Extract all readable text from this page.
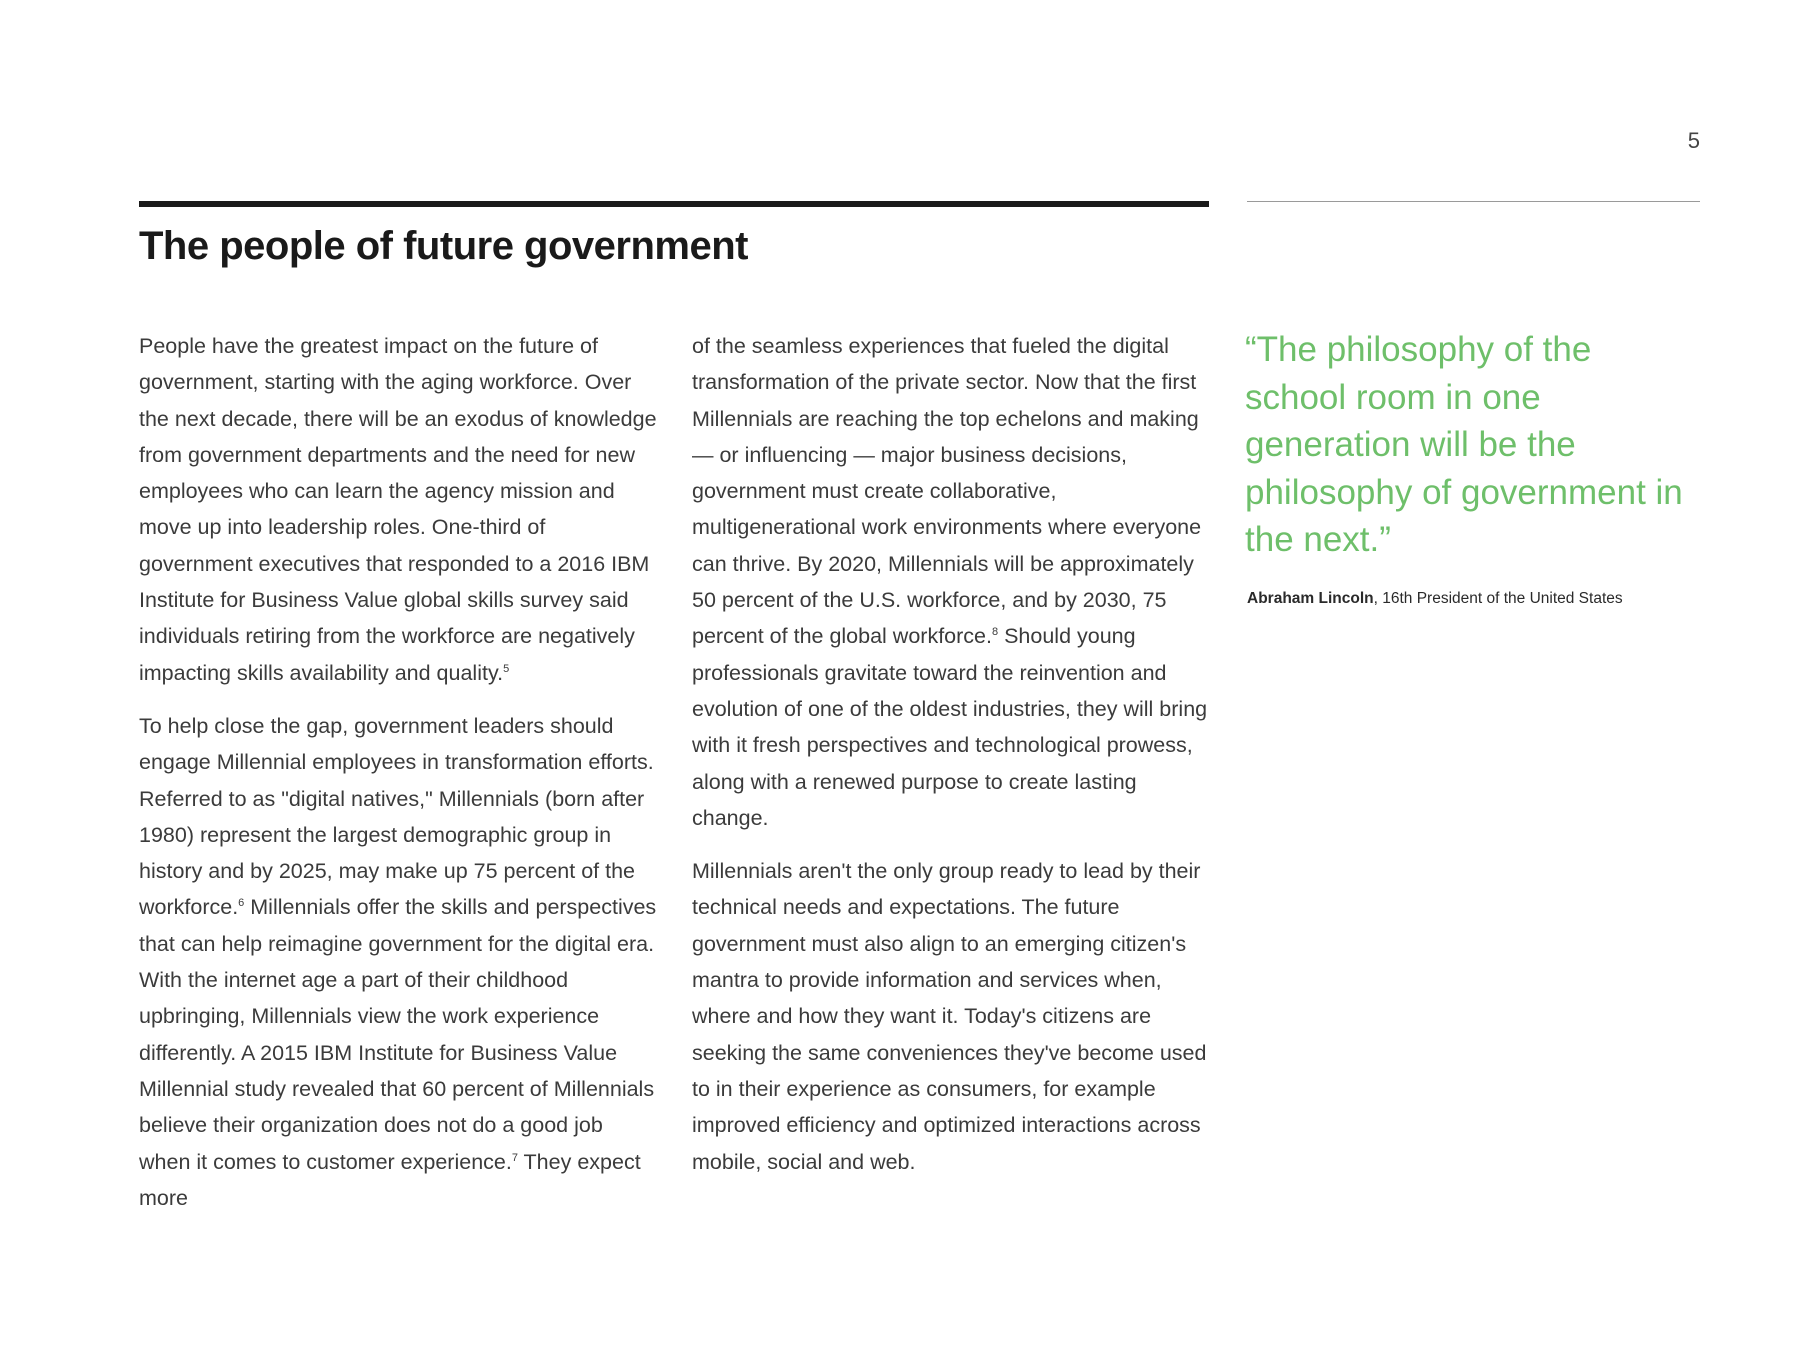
5
The people of future government

People have the greatest impact on the future of government, starting with the aging workforce. Over the next decade, there will be an exodus of knowledge from government departments and the need for new employees who can learn the agency mission and move up into leadership roles. One-third of government executives that responded to a 2016 IBM Institute for Business Value global skills survey said individuals retiring from the workforce are negatively impacting skills availability and quality.$^5$

To help close the gap, government leaders should engage Millennial employees in transformation efforts. Referred to as "digital natives," Millennials (born after 1980) represent the largest demographic group in history and by 2025, may make up 75 percent of the workforce.$^6$ Millennials offer the skills and perspectives that can help reimagine government for the digital era. With the internet age a part of their childhood upbringing, Millennials view the work experience differently. A 2015 IBM Institute for Business Value Millennial study revealed that 60 percent of Millennials believe their organization does not do a good job when it comes to customer experience.$^7$ They expect more

of the seamless experiences that fueled the digital transformation of the private sector. Now that the first Millennials are reaching the top echelons and making — or influencing — major business decisions, government must create collaborative, multigenerational work environments where everyone can thrive. By 2020, Millennials will be approximately 50 percent of the U.S. workforce, and by 2030, 75 percent of the global workforce.$^8$ Should young professionals gravitate toward the reinvention and evolution of one of the oldest industries, they will bring with it fresh perspectives and technological prowess, along with a renewed purpose to create lasting change.

Millennials aren't the only group ready to lead by their technical needs and expectations. The future government must also align to an emerging citizen's mantra to provide information and services when, where and how they want it. Today's citizens are seeking the same conveniences they've become used to in their experience as consumers, for example improved efficiency and optimized interactions across mobile, social and web.

“The philosophy of the school room in one generation will be the philosophy of government in the next.”
Abraham Lincoln, 16th President of the United States
